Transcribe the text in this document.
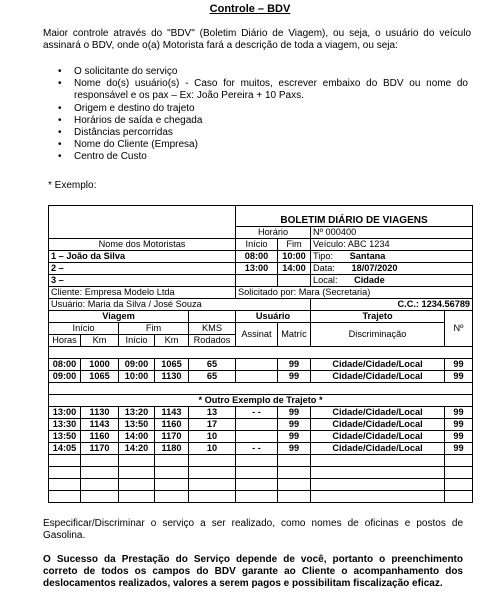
Controle – BDV
Maior controle através do "BDV" (Boletim Diário de Viagem), ou seja, o usuário do veículo assinará o BDV, onde o(a) Motorista fará a descrição de toda a viagem, ou seja:
• O solicitante do serviço
• Nome do(s) usuário(s) - Caso for muitos, escrever embaixo do BDV ou nome do responsável e os pax – Ex: João Pereira + 10 Paxs.
• Origem e destino do trajeto
• Horários de saída e chegada
• Distâncias percorridas
• Nome do Cliente (Empresa)
• Centro de Custo
* Exemplo:
					BOLETIM DIÁRIO DE VIAGENS			
					Horário		Nº 000400	
Nome dos Motoristas					Início	Fim	Veículo: ABC 1234	
1 – João da Silva					08:00	10:00	Tipo: Santana	
2 –					13:00	14:00	Data: 18/07/2020	
3 –							Local: Cidade	
Cliente: Empresa Modelo Ltda					Solicitado por: Mara (Secretaria)			
Usuário: Maria da Silva / José Souza							C.C.: 1234.56789	
Viagem					Usuário		Trajeto	Nº
Início		Fim		KMS	Assinat	Matríc	Discriminação	
Horas	Km	Início	Km	Rodados				

08:00	1000	09:00	1065	65		99	Cidade/Cidade/Local	99
09:00	1065	10:00	1130	65		99	Cidade/Cidade/Local	99

* Outro Exemplo de Trajeto *								
13:00	1130	13:20	1143	13	- -	99	Cidade/Cidade/Local	99
13:30	1143	13:50	1160	17		99	Cidade/Cidade/Local	99
13:50	1160	14:00	1170	10		99	Cidade/Cidade/Local	99
14:05	1170	14:20	1180	10	- -	99	Cidade/Cidade/Local	99

Especificar/Discriminar o serviço a ser realizado, como nomes de oficinas e postos de Gasolina.
O Sucesso da Prestação do Serviço depende de você, portanto o preenchimento correto de todos os campos do BDV garante ao Cliente o acompanhamento dos deslocamentos realizados, valores a serem pagos e possibilitam fiscalização eficaz.
